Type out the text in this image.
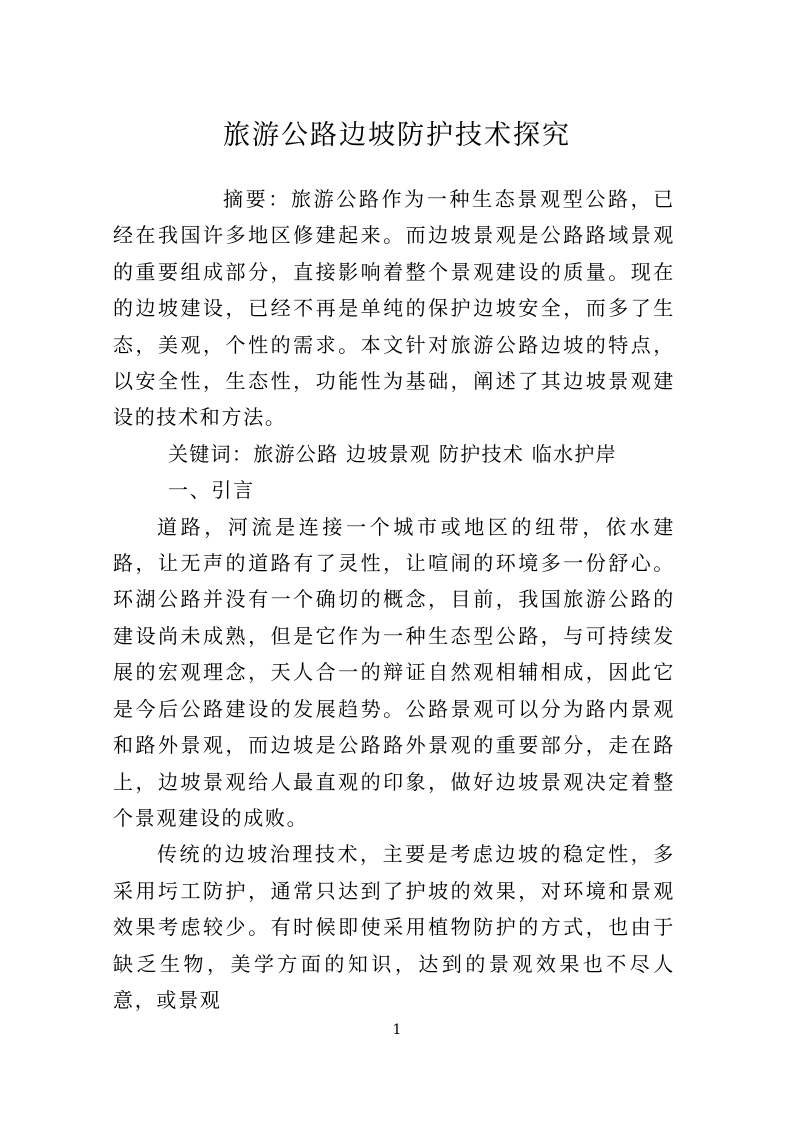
旅游公路边坡防护技术探究

摘要：旅游公路作为一种生态景观型公路，已经在我国许多地区修建起来。而边坡景观是公路路域景观的重要组成部分，直接影响着整个景观建设的质量。现在的边坡建设，已经不再是单纯的保护边坡安全，而多了生态，美观，个性的需求。本文针对旅游公路边坡的特点，以安全性，生态性，功能性为基础，阐述了其边坡景观建设的技术和方法。

关键词：旅游公路 边坡景观 防护技术 临水护岸

一、引言

道路，河流是连接一个城市或地区的纽带，依水建路，让无声的道路有了灵性，让喧闹的环境多一份舒心。环湖公路并没有一个确切的概念，目前，我国旅游公路的建设尚未成熟，但是它作为一种生态型公路，与可持续发展的宏观理念，天人合一的辩证自然观相辅相成，因此它是今后公路建设的发展趋势。公路景观可以分为路内景观和路外景观，而边坡是公路路外景观的重要部分，走在路上，边坡景观给人最直观的印象，做好边坡景观决定着整个景观建设的成败。

传统的边坡治理技术，主要是考虑边坡的稳定性，多采用圬工防护，通常只达到了护坡的效果，对环境和景观效果考虑较少。有时候即使采用植物防护的方式，也由于缺乏生物，美学方面的知识，达到的景观效果也不尽人意，或景观

1
